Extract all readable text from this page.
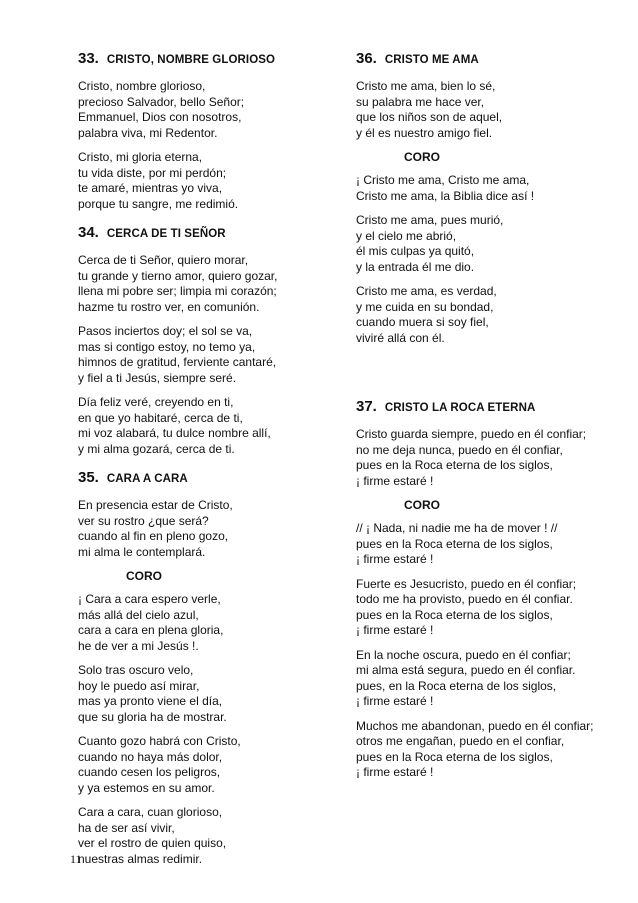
33. CRISTO, NOMBRE GLORIOSO
Cristo, nombre glorioso,
precioso Salvador, bello Señor;
Emmanuel, Dios con nosotros,
palabra viva, mi Redentor.
Cristo, mi gloria eterna,
tu vida diste, por mi perdón;
te amaré, mientras yo viva,
porque tu sangre, me redimió.
34. CERCA DE TI SEÑOR
Cerca de ti Señor, quiero morar,
tu grande y tierno amor, quiero gozar,
llena mi pobre ser; limpia mi corazón;
hazme tu rostro ver, en comunión.
Pasos inciertos doy; el sol se va,
mas si contigo estoy, no temo ya,
himnos de gratitud, ferviente cantaré,
y fiel a ti Jesús, siempre seré.
Día feliz veré, creyendo en ti,
en que yo habitaré, cerca de ti,
mi voz alabará, tu dulce nombre allí,
y mi alma gozará, cerca de ti.
35. CARA A CARA
En presencia estar de Cristo,
ver su rostro ¿que será?
cuando al fin en pleno gozo,
mi alma le contemplará.
CORO
¡ Cara a cara espero verle,
más allá del cielo azul,
cara a cara en plena gloria,
he de ver a mi Jesús !.
Solo tras oscuro velo,
hoy le puedo así mirar,
mas ya pronto viene el día,
que su gloria ha de mostrar.
Cuanto gozo habrá con Cristo,
cuando no haya más dolor,
cuando cesen los peligros,
y ya estemos en su amor.
Cara a cara, cuan glorioso,
ha de ser así vivir,
ver el rostro de quien quiso,
nuestras almas redimir.
36. CRISTO ME AMA
Cristo me ama, bien lo sé,
su palabra me hace ver,
que los niños son de aquel,
y él es nuestro amigo fiel.
CORO
¡ Cristo me ama, Cristo me ama,
Cristo me ama, la Biblia dice así !
Cristo me ama, pues murió,
y el cielo me abrió,
él mis culpas ya quitó,
y la entrada él me dio.
Cristo me ama, es verdad,
y me cuida en su bondad,
cuando muera si soy fiel,
viviré allá con él.
37. CRISTO LA ROCA ETERNA
Cristo guarda siempre, puedo en él confiar;
no me deja nunca, puedo en él confiar,
pues en la Roca eterna de los siglos,
¡ firme estaré !
CORO
// ¡ Nada, ni nadie me ha de mover ! //
pues en la Roca eterna de los siglos,
¡ firme estaré !
Fuerte es Jesucristo, puedo en él confiar;
todo me ha provisto, puedo en él confiar.
pues en la Roca eterna de los siglos,
¡ firme estaré !
En la noche oscura, puedo en él confiar;
mi alma está segura, puedo en él confiar.
pues, en la Roca eterna de los siglos,
¡ firme estaré !
Muchos me abandonan, puedo en él confiar;
otros me engañan, puedo en el confiar,
pues en la Roca eterna de los siglos,
¡ firme estaré !
11
